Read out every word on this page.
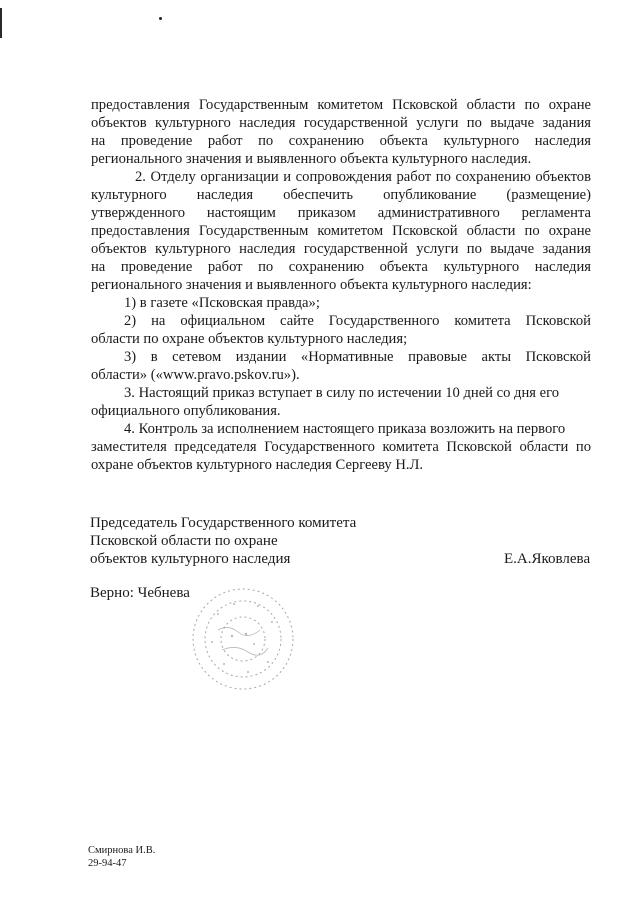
предоставления Государственным комитетом Псковской области по охране
объектов культурного наследия государственной услуги по выдаче задания
на проведение работ по сохранению объекта культурного наследия
регионального значения и выявленного объекта культурного наследия.
2. Отделу организации и сопровождения работ по сохранению объектов
культурного наследия обеспечить опубликование (размещение)
утвержденного настоящим приказом административного регламента
предоставления Государственным комитетом Псковской области по охране
объектов культурного наследия государственной услуги по выдаче задания
на проведение работ по сохранению объекта культурного наследия
регионального значения и выявленного объекта культурного наследия:
1) в газете «Псковская правда»;
2) на официальном сайте Государственного комитета Псковской
области по охране объектов культурного наследия;
3) в сетевом издании «Нормативные правовые акты Псковской
области» («www.pravo.pskov.ru»).
3. Настоящий приказ вступает в силу по истечении 10 дней со дня его
официального опубликования.
4. Контроль за исполнением настоящего приказа возложить на первого
заместителя председателя Государственного комитета Псковской области по
охране объектов культурного наследия Сергееву Н.Л.
Председатель Государственного комитета
Псковской области по охране
объектов культурного наследия	Е.А.Яковлева
Верно: Чебнева
Смирнова И.В.
29-94-47
